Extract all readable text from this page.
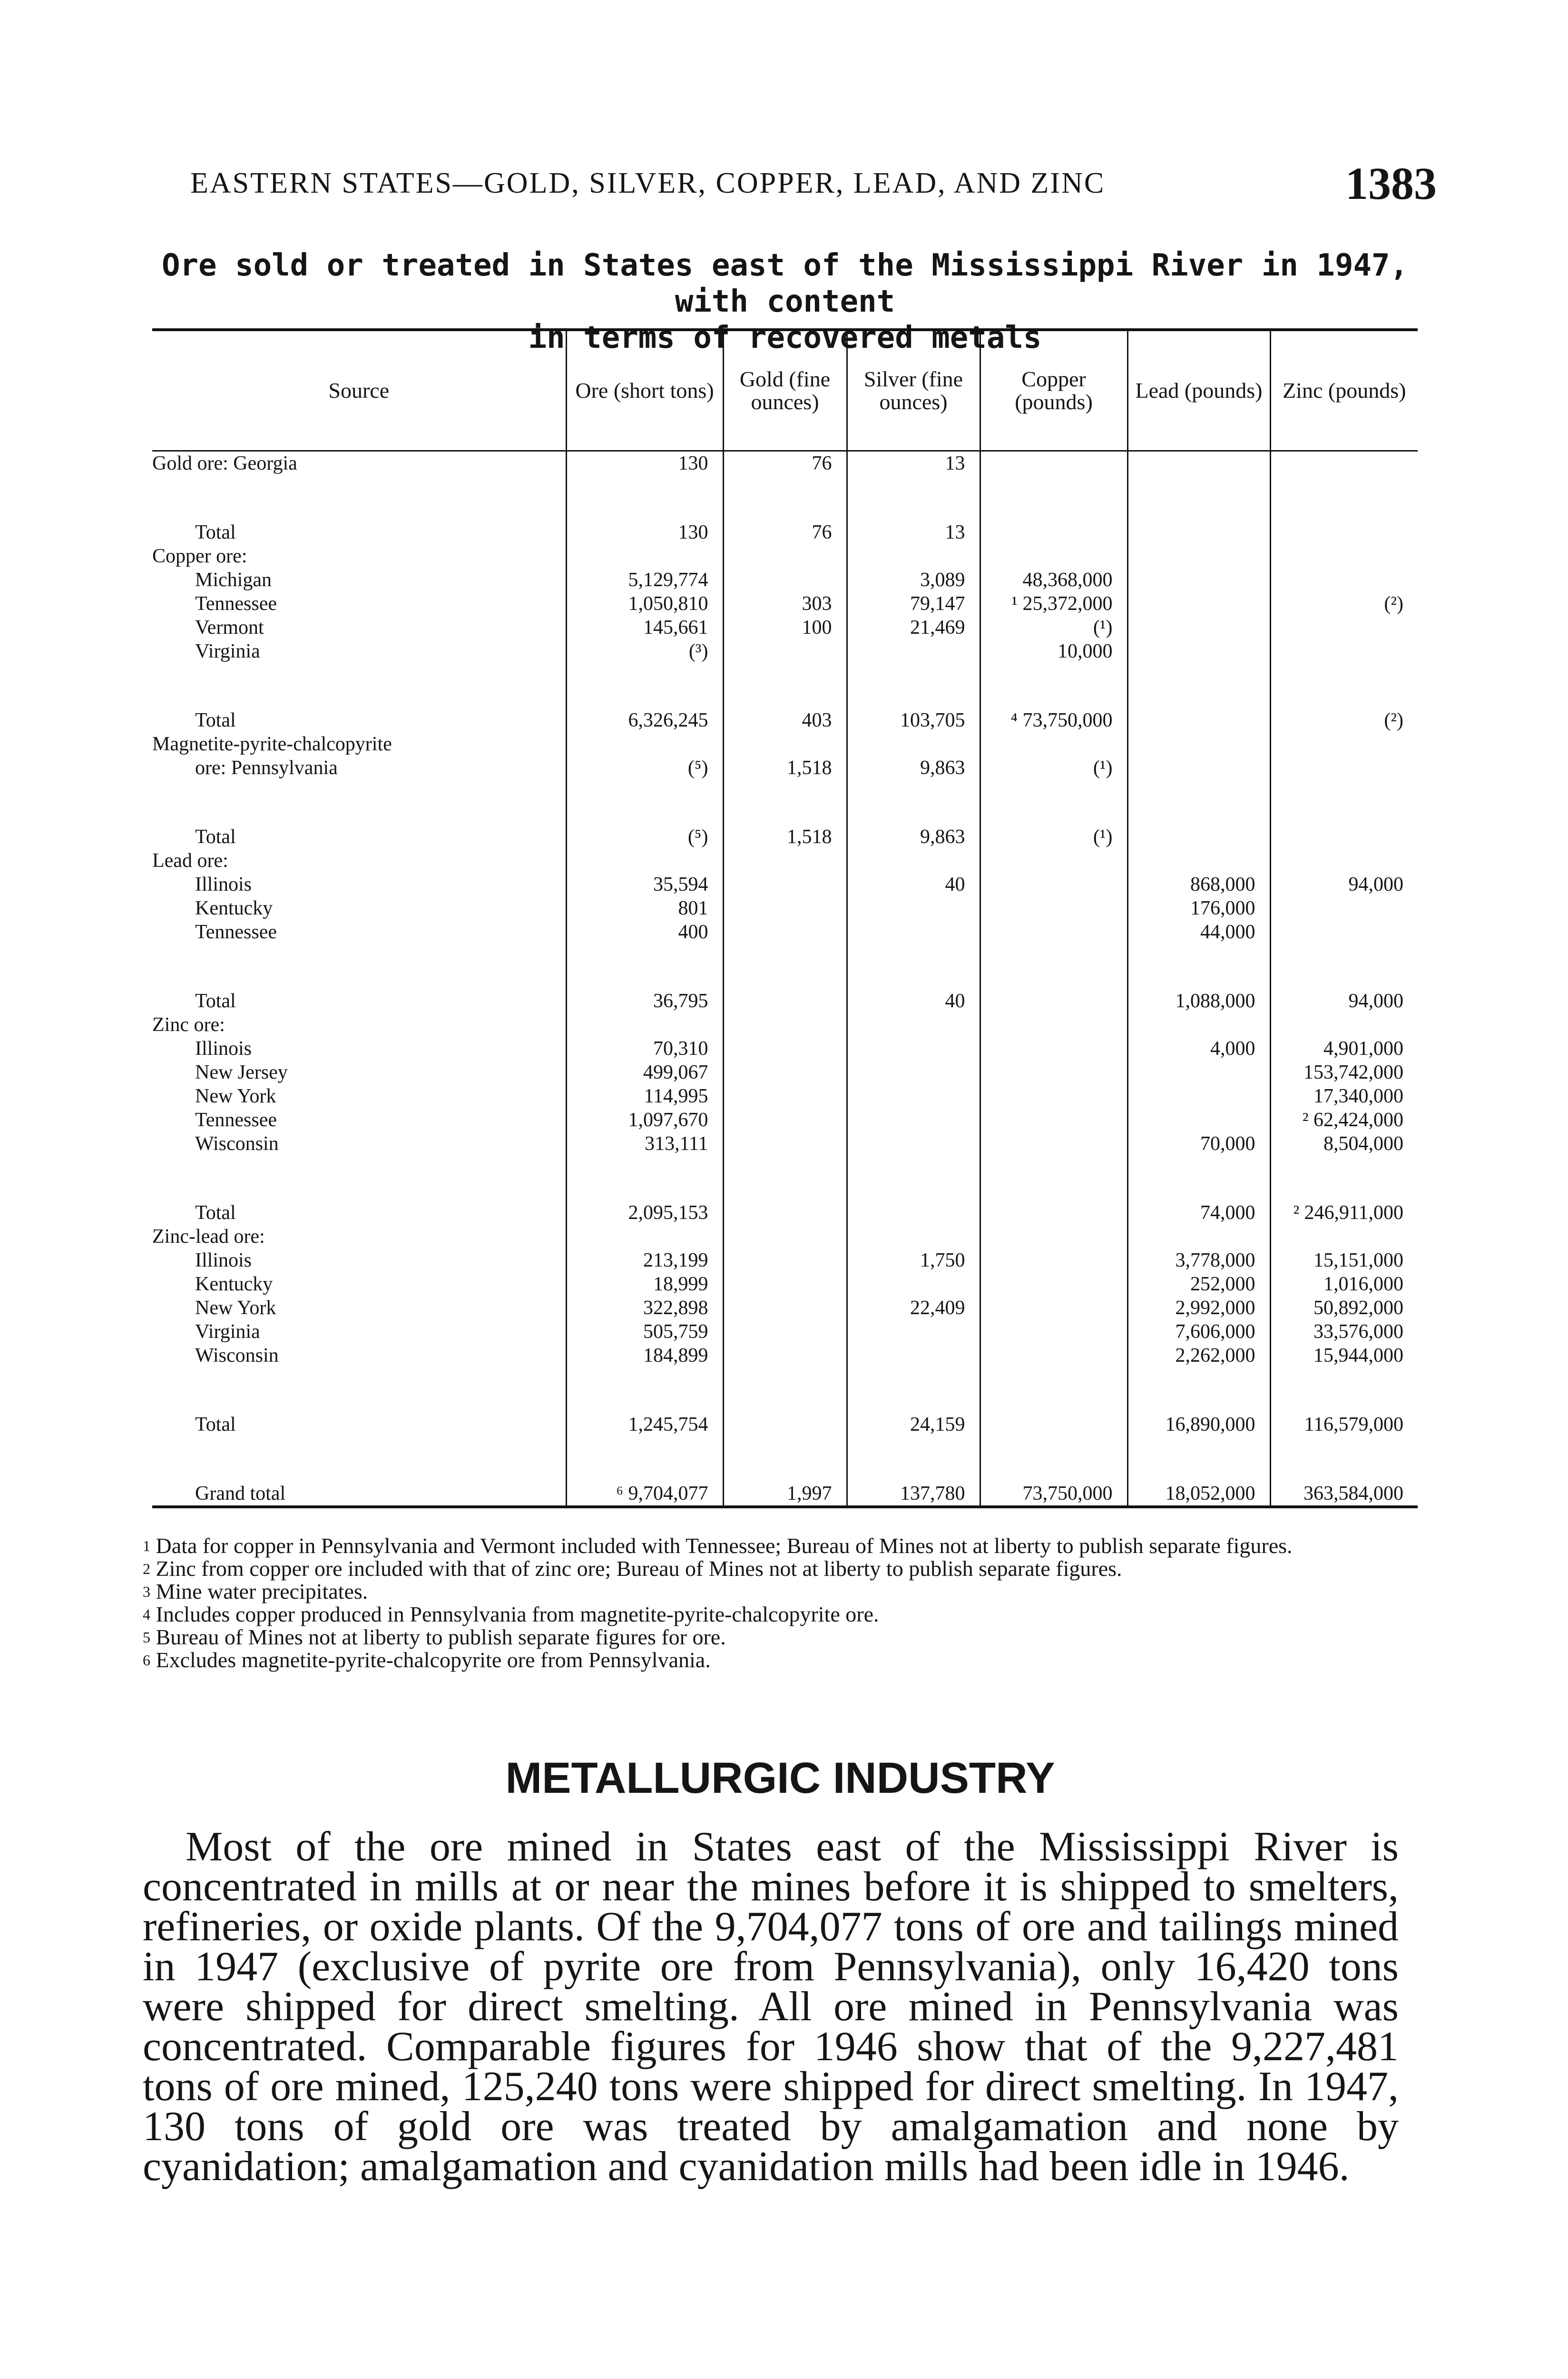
EASTERN STATES—GOLD, SILVER, COPPER, LEAD, AND ZINC	1383
Ore sold or treated in States east of the Mississippi River in 1947, with content
in terms of recovered metals
Source	Ore (short tons)	Gold (fine ounces)	Silver (fine ounces)	Copper (pounds)	Lead (pounds)	Zinc (pounds)
Gold ore: Georgia	130	76	13			

Total	130	76	13			
Copper ore:						
Michigan	5,129,774		3,089	48,368,000		
Tennessee	1,050,810	303	79,147	¹ 25,372,000		(²)
Vermont	145,661	100	21,469	(¹)		
Virginia	(³)			10,000		

Total	6,326,245	403	103,705	⁴ 73,750,000		(²)
Magnetite-pyrite-chalcopyrite						
ore: Pennsylvania	(⁵)	1,518	9,863	(¹)		

Total	(⁵)	1,518	9,863	(¹)		
Lead ore:						
Illinois	35,594		40		868,000	94,000
Kentucky	801				176,000	
Tennessee	400				44,000	

Total	36,795		40		1,088,000	94,000
Zinc ore:						
Illinois	70,310				4,000	4,901,000
New Jersey	499,067					153,742,000
New York	114,995					17,340,000
Tennessee	1,097,670					² 62,424,000
Wisconsin	313,111				70,000	8,504,000

Total	2,095,153				74,000	² 246,911,000
Zinc-lead ore:						
Illinois	213,199		1,750		3,778,000	15,151,000
Kentucky	18,999				252,000	1,016,000
New York	322,898		22,409		2,992,000	50,892,000
Virginia	505,759				7,606,000	33,576,000
Wisconsin	184,899				2,262,000	15,944,000

Total	1,245,754		24,159		16,890,000	116,579,000

Grand total	⁶ 9,704,077	1,997	137,780	73,750,000	18,052,000	363,584,000

$^1$ Data for copper in Pennsylvania and Vermont included with Tennessee; Bureau of Mines not at liberty to publish separate figures.

$^2$ Zinc from copper ore included with that of zinc ore; Bureau of Mines not at liberty to publish separate figures.

$^3$ Mine water precipitates.

$^4$ Includes copper produced in Pennsylvania from magnetite-pyrite-chalcopyrite ore.

$^5$ Bureau of Mines not at liberty to publish separate figures for ore.

$^6$ Excludes magnetite-pyrite-chalcopyrite ore from Pennsylvania.

METALLURGIC INDUSTRY

Most of the ore mined in States east of the Mississippi River is concentrated in mills at or near the mines before it is shipped to smelters, refineries, or oxide plants. Of the 9,704,077 tons of ore and tailings mined in 1947 (exclusive of pyrite ore from Pennsylvania), only 16,420 tons were shipped for direct smelting. All ore mined in Pennsylvania was concentrated. Comparable figures for 1946 show that of the 9,227,481 tons of ore mined, 125,240 tons were shipped for direct smelting. In 1947, 130 tons of gold ore was treated by amalgamation and none by cyanidation; amalgamation and cyanidation mills had been idle in 1946.
